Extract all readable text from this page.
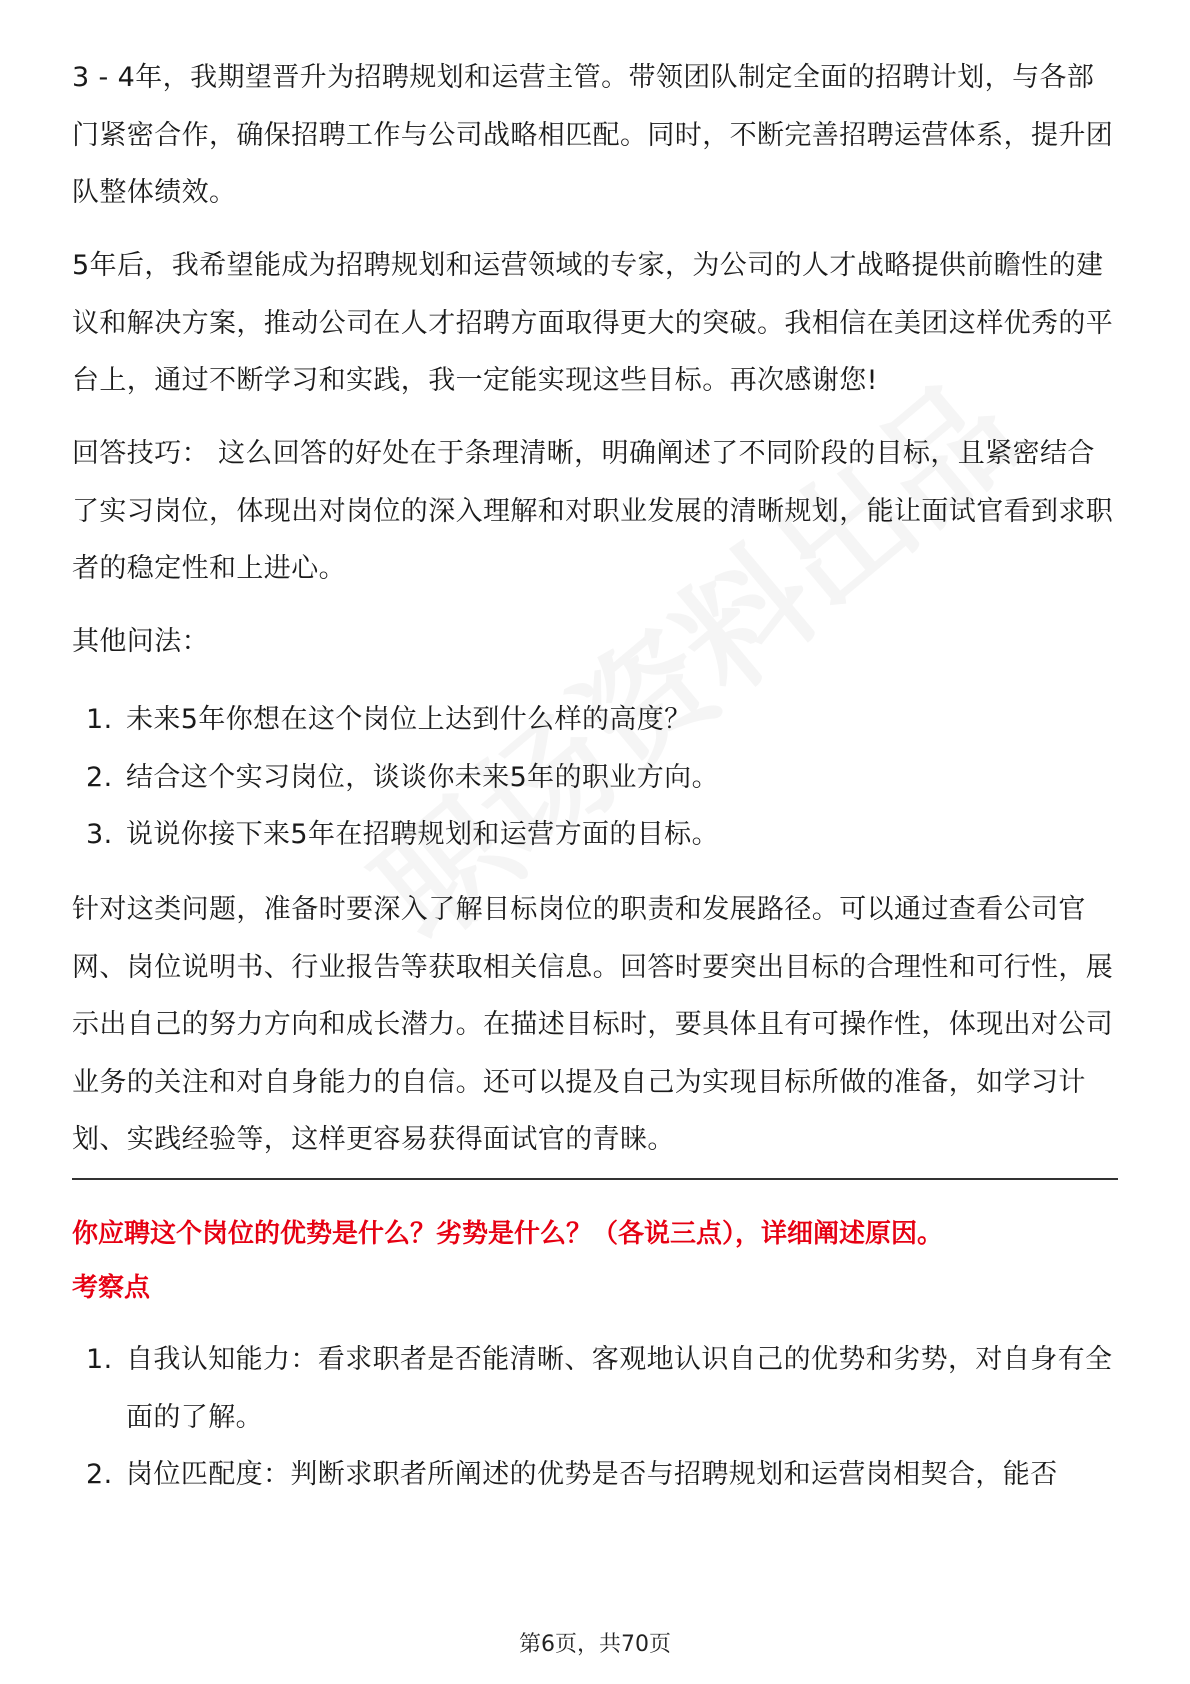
3 - 4年，我期望晋升为招聘规划和运营主管。带领团队制定全面的招聘计划，与各部门紧密合作，确保招聘工作与公司战略相匹配。同时，不断完善招聘运营体系，提升团队整体绩效。

5年后，我希望能成为招聘规划和运营领域的专家，为公司的人才战略提供前瞻性的建议和解决方案，推动公司在人才招聘方面取得更大的突破。我相信在美团这样优秀的平台上，通过不断学习和实践，我一定能实现这些目标。再次感谢您!

回答技巧： 这么回答的好处在于条理清晰，明确阐述了不同阶段的目标，且紧密结合了实习岗位，体现出对岗位的深入理解和对职业发展的清晰规划，能让面试官看到求职者的稳定性和上进心。

其他问法：

1. 未来5年你想在这个岗位上达到什么样的高度？
2. 结合这个实习岗位，谈谈你未来5年的职业方向。
3. 说说你接下来5年在招聘规划和运营方面的目标。

针对这类问题，准备时要深入了解目标岗位的职责和发展路径。可以通过查看公司官网、岗位说明书、行业报告等获取相关信息。回答时要突出目标的合理性和可行性，展示出自己的努力方向和成长潜力。在描述目标时，要具体且有可操作性，体现出对公司业务的关注和对自身能力的自信。还可以提及自己为实现目标所做的准备，如学习计划、实践经验等，这样更容易获得面试官的青睐。

你应聘这个岗位的优势是什么？劣势是什么？（各说三点），详细阐述原因。

考察点

1. 自我认知能力：看求职者是否能清晰、客观地认识自己的优势和劣势，对自身有全面的了解。
2. 岗位匹配度：判断求职者所阐述的优势是否与招聘规划和运营岗相契合，能否
第6页，共70页
